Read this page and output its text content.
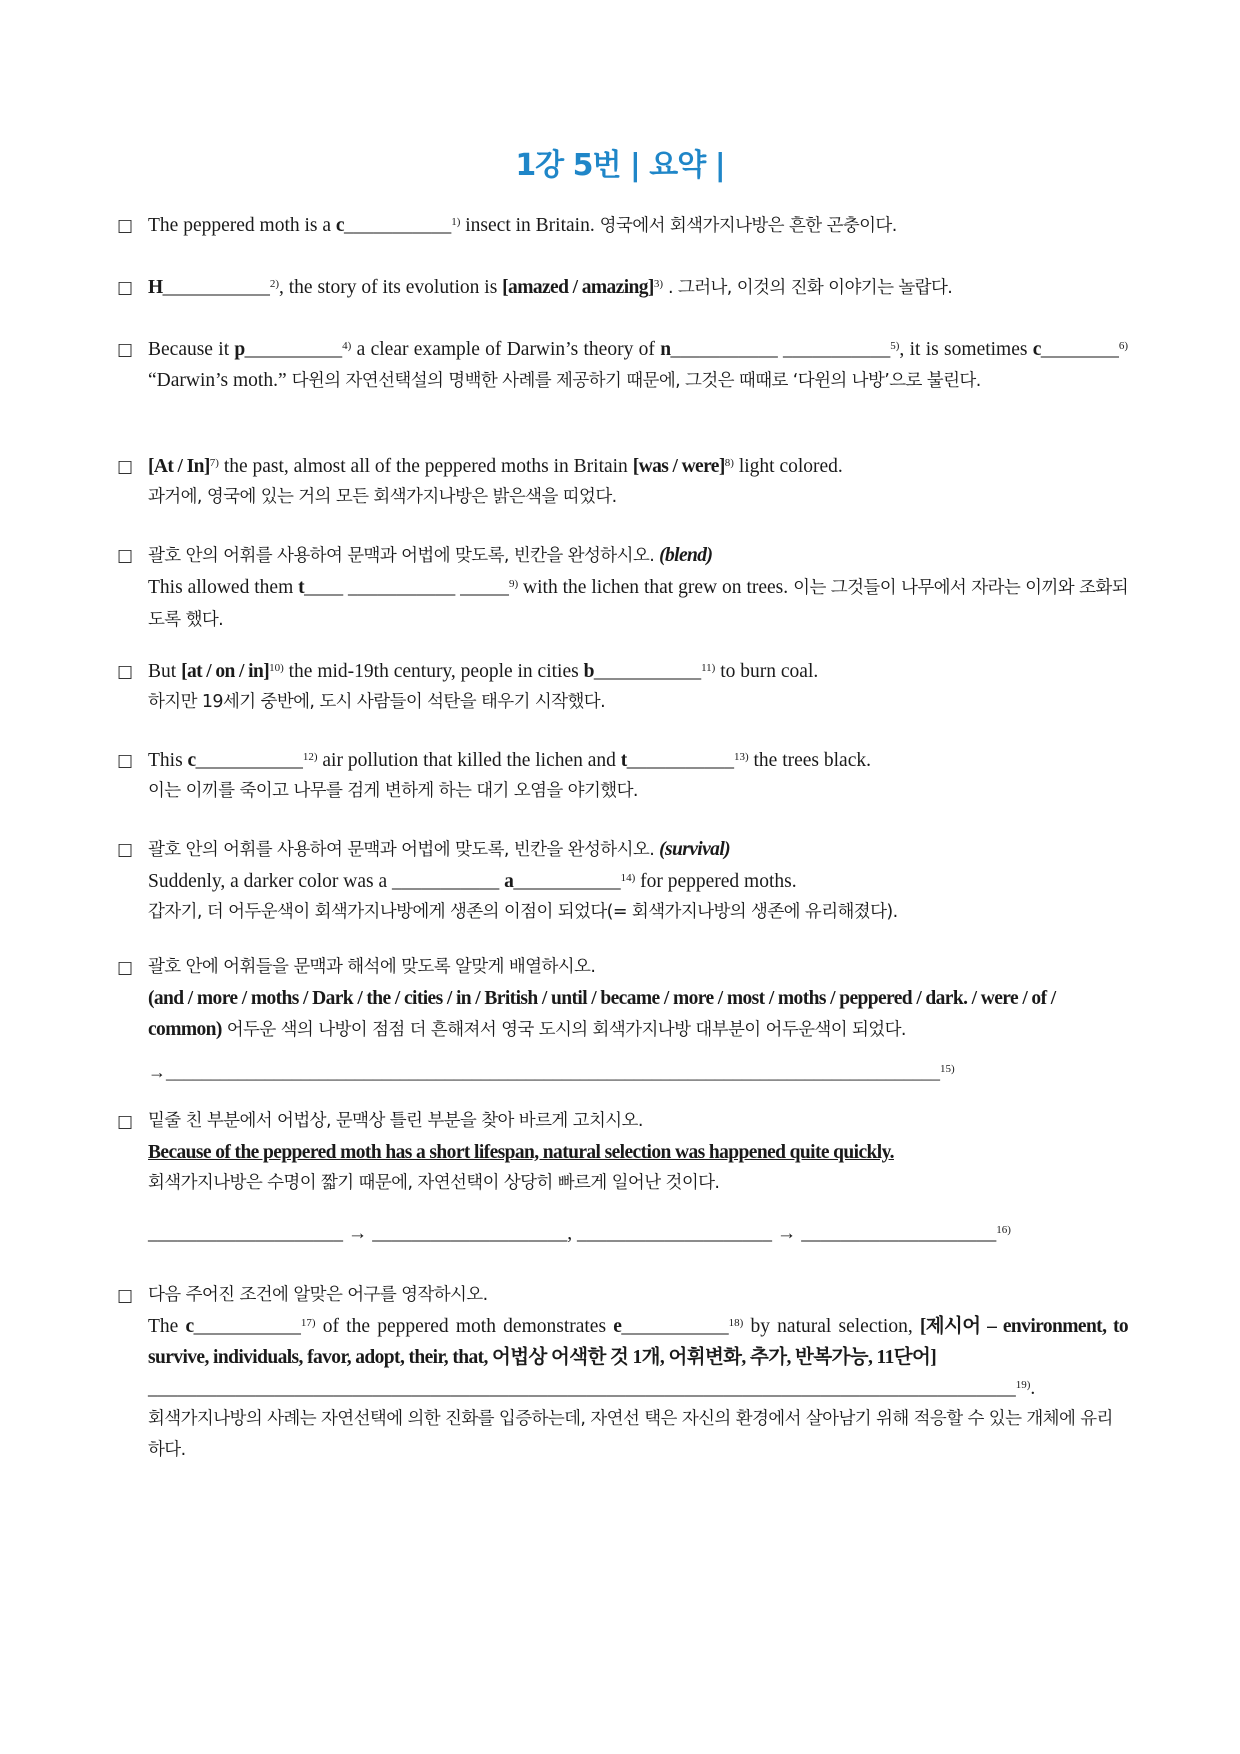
1강 5번 | 요약 |
☐ The peppered moth is a c___________$^{1)}$ insect in Britain. 영국에서 회색가지나방은 흔한 곤충이다.
☐ H___________$^{2)}$, the story of its evolution is [amazed / amazing]$^{3)}$ . 그러나, 이것의 진화 이야기는 놀랍다.
☐ Because it p__________$^{4)}$ a clear example of Darwin’s theory of n___________ ___________$^{5)}$, it is sometimes c________$^{6)}$ “Darwin’s moth.” 다윈의 자연선택설의 명백한 사례를 제공하기 때문에, 그것은 때때로 ‘다윈의 나방’으로 불린다.
☐ [At / In]$^{7)}$ the past, almost all of the peppered moths in Britain [was / were]$^{8)}$ light colored.
과거에, 영국에 있는 거의 모든 회색가지나방은 밝은색을 띠었다.
☐ 괄호 안의 어휘를 사용하여 문맥과 어법에 맞도록, 빈칸을 완성하시오. (blend)
This allowed them t____ ___________ _____$^{9)}$ with the lichen that grew on trees. 이는 그것들이 나무에서 자라는 이끼와 조화되도록 했다.
☐ But [at / on / in]$^{10)}$ the mid-19th century, people in cities b___________$^{11)}$ to burn coal.
하지만 19세기 중반에, 도시 사람들이 석탄을 태우기 시작했다.
☐ This c___________$^{12)}$ air pollution that killed the lichen and t___________$^{13)}$ the trees black.
이는 이끼를 죽이고 나무를 검게 변하게 하는 대기 오염을 야기했다.
☐ 괄호 안의 어휘를 사용하여 문맥과 어법에 맞도록, 빈칸을 완성하시오. (survival)
Suddenly, a darker color was a ___________ a___________$^{14)}$ for peppered moths.
갑자기, 더 어두운색이 회색가지나방에게 생존의 이점이 되었다(= 회색가지나방의 생존에 유리해졌다).
☐ 괄호 안에 어휘들을 문맥과 해석에 맞도록 알맞게 배열하시오.
(and / more / moths / Dark / the / cities / in / British / until / became / more / most / moths / peppered / dark. / were / of / common) 어두운 색의 나방이 점점 더 흔해져서 영국 도시의 회색가지나방 대부분이 어두운색이 되었다.
→______________________________________________________________________________________$^{15)}$
☐ 밑줄 친 부분에서 어법상, 문맥상 틀린 부분을 찾아 바르게 고치시오.
Because of the peppered moth has a short lifespan, natural selection was happened quite quickly.
회색가지나방은 수명이 짧기 때문에, 자연선택이 상당히 빠르게 일어난 것이다.
____________________ → ____________________, ____________________ → ____________________$^{16)}$
☐ 다음 주어진 조건에 알맞은 어구를 영작하시오.
The c___________$^{17)}$ of the peppered moth demonstrates e___________$^{18)}$ by natural selection, [제시어 – environment, to survive, individuals, favor, adopt, their, that, 어법상 어색한 것 1개, 어휘변화, 추가, 반복가능, 11단어]
_________________________________________________________________________________________$^{19)}$.
회색가지나방의 사례는 자연선택에 의한 진화를 입증하는데, 자연선 택은 자신의 환경에서 살아남기 위해 적응할 수 있는 개체에 유리하다.
